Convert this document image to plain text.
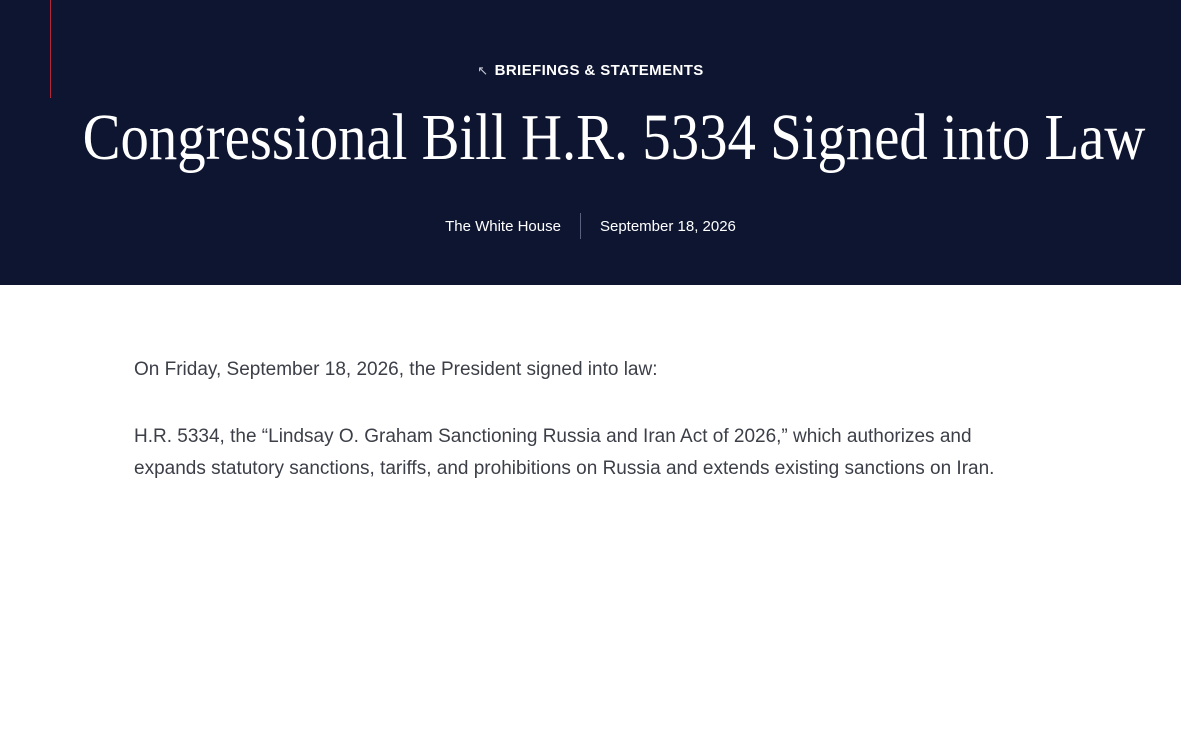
↖ BRIEFINGS & STATEMENTS
Congressional Bill H.R. 5334 Signed into Law
The White House	September 18, 2026

On Friday, September 18, 2026, the President signed into law:

H.R. 5334, the “Lindsay O. Graham Sanctioning Russia and Iran Act of 2026,” which authorizes and expands statutory sanctions, tariffs, and prohibitions on Russia and extends existing sanctions on Iran.
